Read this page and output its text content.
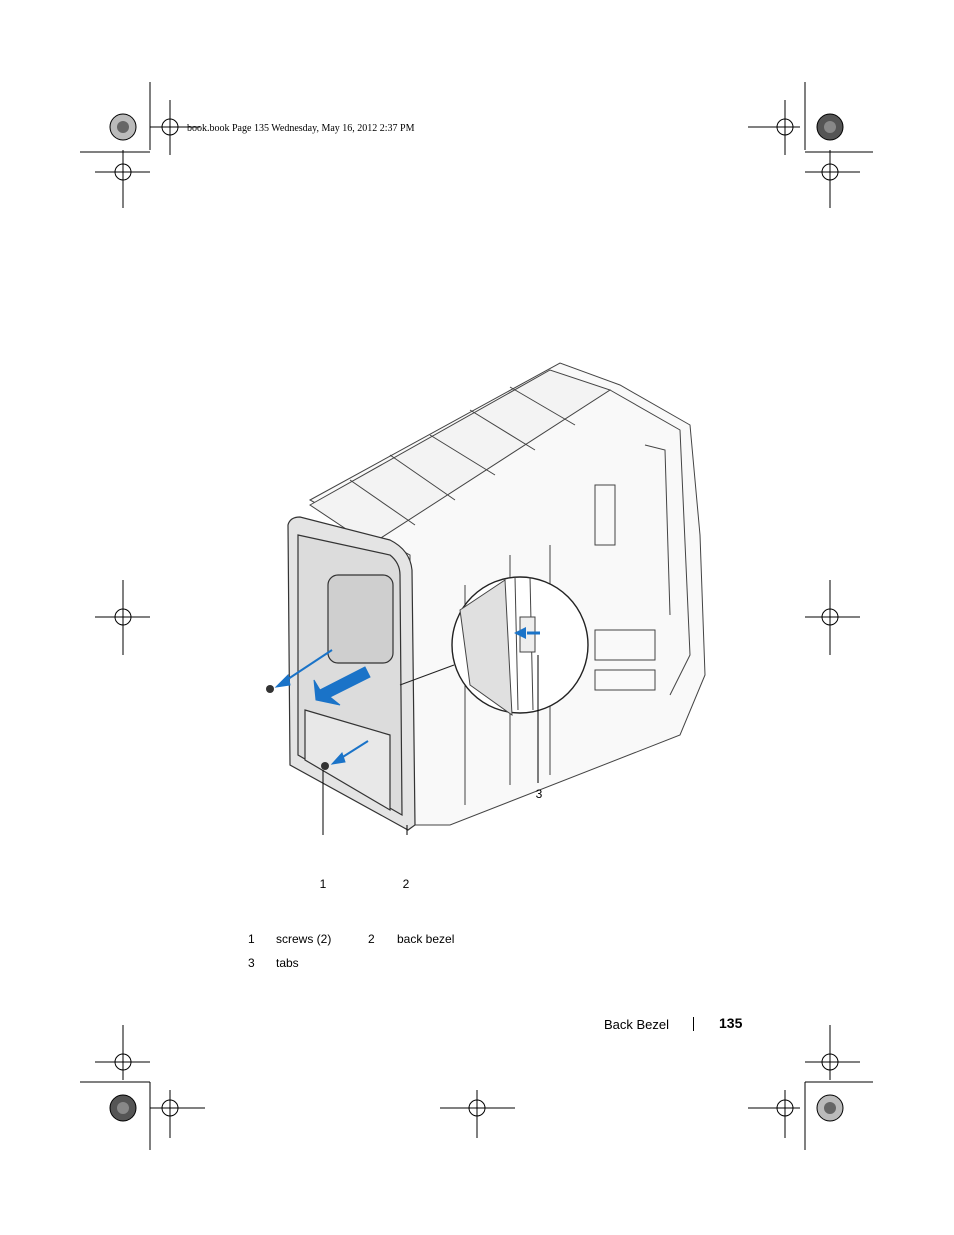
book.book Page 135 Wednesday, May 16, 2012 2:37 PM
1	2
3
1 screws (2)	2 back bezel
3 tabs
Back Bezel	135
